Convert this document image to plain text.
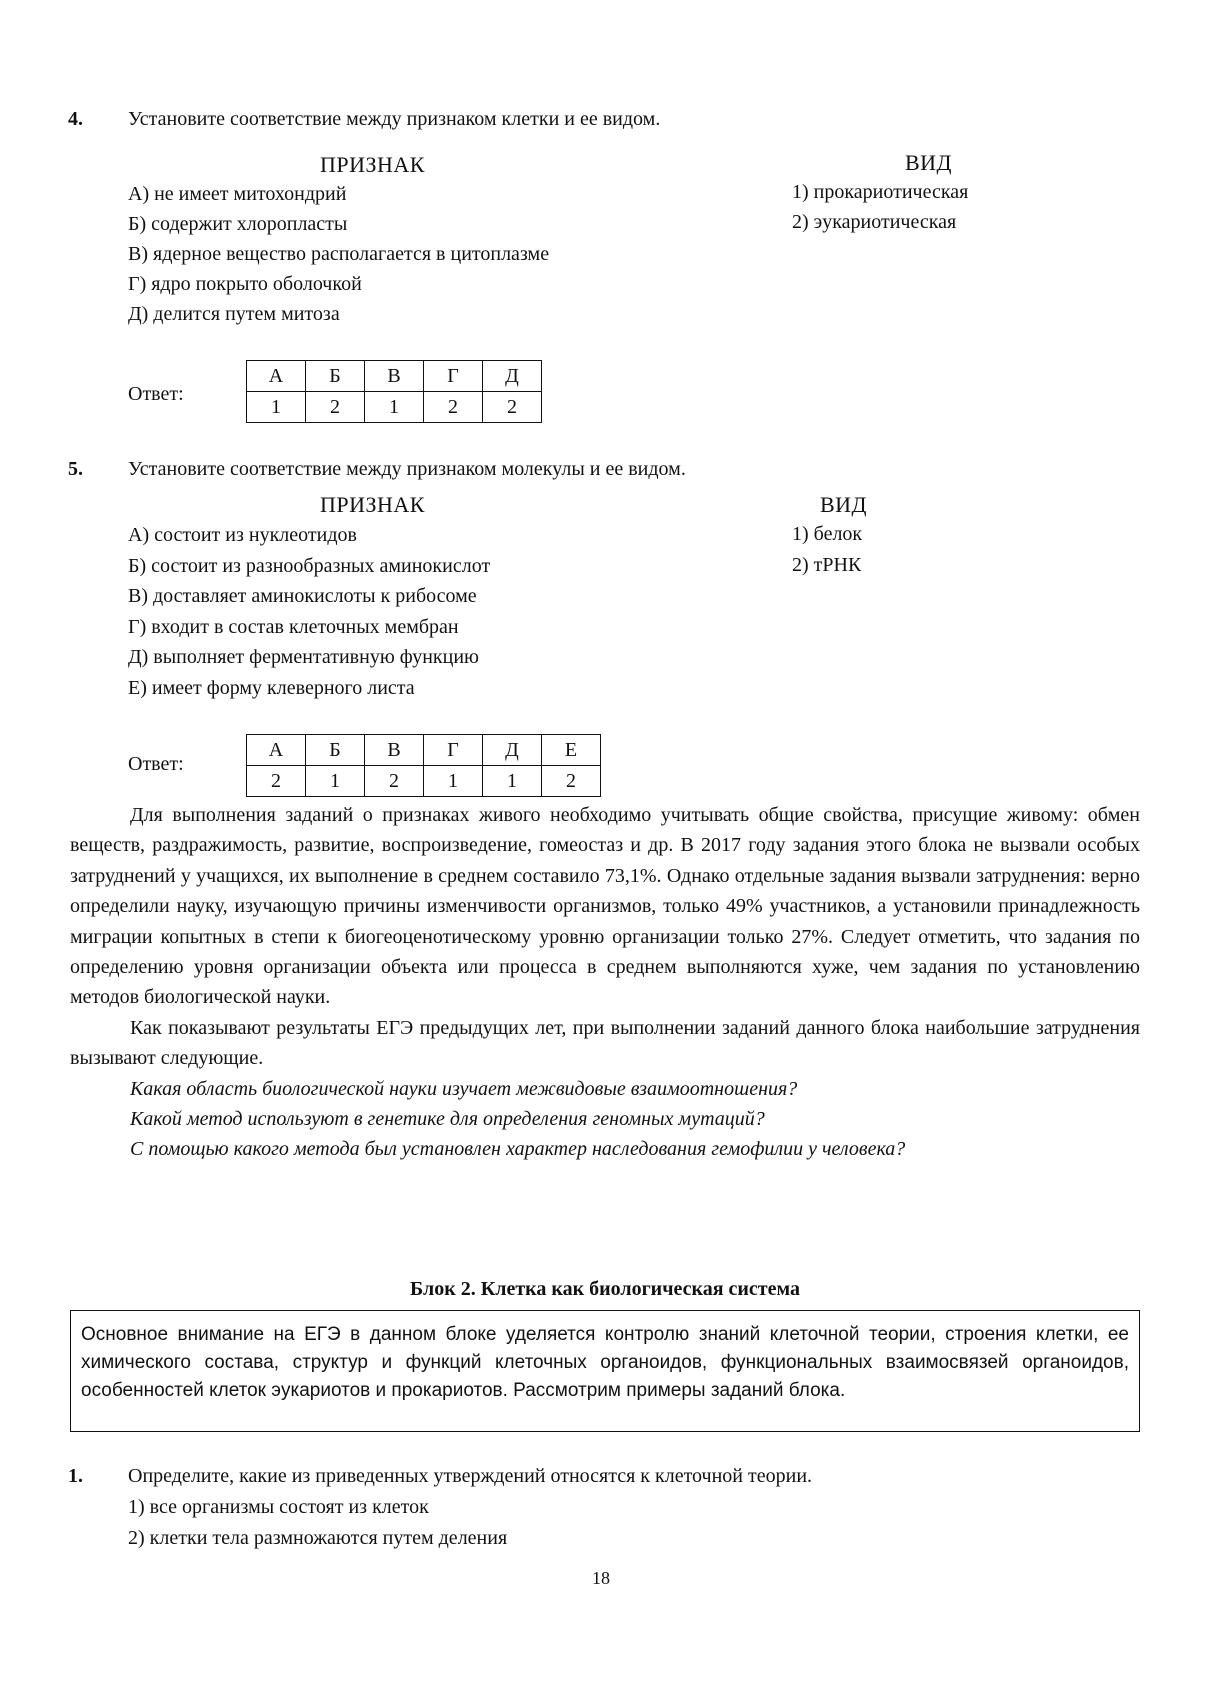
4. Установите соответствие между признаком клетки и ее видом.
ПРИЗНАК	ВИД
А) не имеет митохондрий
Б) содержит хлоропласты
В) ядерное вещество располагается в цитоплазме
Г) ядро покрыто оболочкой
Д) делится путем митоза
1) прокариотическая
2) эукариотическая
Ответ:
А	Б	В	Г	Д
1	2	1	2	2
5. Установите соответствие между признаком молекулы и ее видом.
ПРИЗНАК	ВИД
А) состоит из нуклеотидов
Б) состоит из разнообразных аминокислот
В) доставляет аминокислоты к рибосоме
Г) входит в состав клеточных мембран
Д) выполняет ферментативную функцию
Е) имеет форму клеверного листа
1) белок
2) тРНК
Ответ:
А	Б	В	Г	Д	Е
2	1	2	1	1	2

Для выполнения заданий о признаках живого необходимо учитывать общие свойства, присущие живому: обмен веществ, раздражимость, развитие, воспроизведение, гомеостаз и др. В 2017 году задания этого блока не вызвали особых затруднений у учащихся, их выполнение в среднем составило 73,1%. Однако отдельные задания вызвали затруднения: верно определили науку, изучающую причины изменчивости организмов, только 49% участников, а установили принадлежность миграции копытных в степи к биогеоценотическому уровню организации только 27%. Следует отметить, что задания по определению уровня организации объекта или процесса в среднем выполняются хуже, чем задания по установлению методов биологической науки.

Как показывают результаты ЕГЭ предыдущих лет, при выполнении заданий данного блока наибольшие затруднения вызывают следующие.

Какая область биологической науки изучает межвидовые взаимоотношения?

Какой метод используют в генетике для определения геномных мутаций?

С помощью какого метода был установлен характер наследования гемофилии у человека?

Блок 2. Клетка как биологическая система
Основное внимание на ЕГЭ в данном блоке уделяется контролю знаний клеточной теории, строения клетки, ее химического состава, структур и функций клеточных органоидов, функциональных взаимосвязей органоидов, особенностей клеток эукариотов и прокариотов. Рассмотрим примеры заданий блока.
1. Определите, какие из приведенных утверждений относятся к клеточной теории.
1) все организмы состоят из клеток
2) клетки тела размножаются путем деления
18
